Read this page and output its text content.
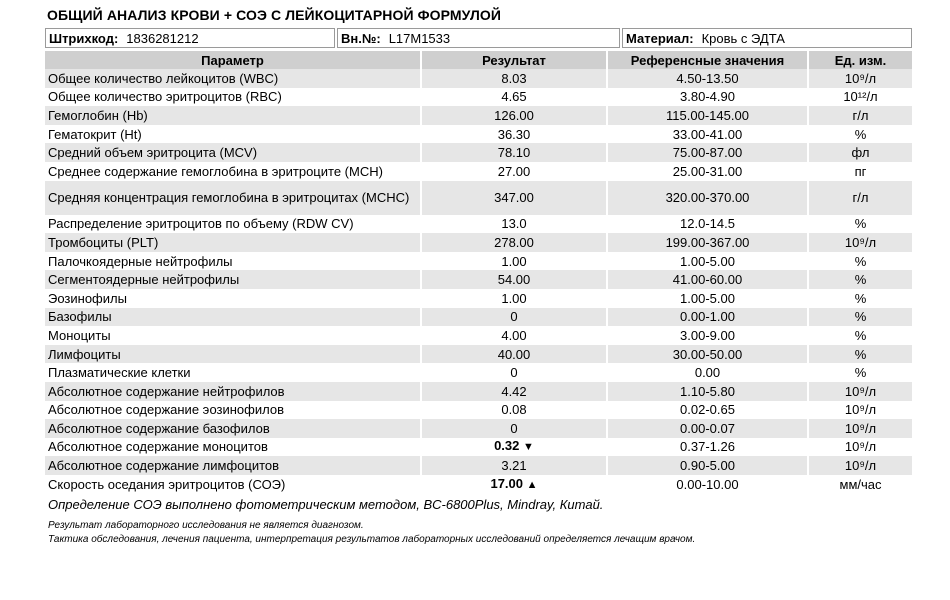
ОБЩИЙ АНАЛИЗ КРОВИ + СОЭ С ЛЕЙКОЦИТАРНОЙ ФОРМУЛОЙ
Штрихкод: 1836281212	Вн.№: L17M1533	Материал: Кровь с ЭДТА
Параметр	Результат	Референсные значения	Ед. изм.
Общее количество лейкоцитов (WBC)	8.03	4.50-13.50	10⁹/л
Общее количество эритроцитов (RBC)	4.65	3.80-4.90	10¹²/л
Гемоглобин (Hb)	126.00	115.00-145.00	г/л
Гематокрит (Ht)	36.30	33.00-41.00	%
Средний объем эритроцита (MCV)	78.10	75.00-87.00	фл
Среднее содержание гемоглобина в эритроците (MCH)	27.00	25.00-31.00	пг
Средняя концентрация гемоглобина в эритроцитах (MCHC)	347.00	320.00-370.00	г/л
Распределение эритроцитов по объему (RDW CV)	13.0	12.0-14.5	%
Тромбоциты (PLT)	278.00	199.00-367.00	10⁹/л
Палочкоядерные нейтрофилы	1.00	1.00-5.00	%
Сегментоядерные нейтрофилы	54.00	41.00-60.00	%
Эозинофилы	1.00	1.00-5.00	%
Базофилы	0	0.00-1.00	%
Моноциты	4.00	3.00-9.00	%
Лимфоциты	40.00	30.00-50.00	%
Плазматические клетки	0	0.00	%
Абсолютное содержание нейтрофилов	4.42	1.10-5.80	10⁹/л
Абсолютное содержание эозинофилов	0.08	0.02-0.65	10⁹/л
Абсолютное содержание базофилов	0	0.00-0.07	10⁹/л
Абсолютное содержание моноцитов	0.32 ▼	0.37-1.26	10⁹/л
Абсолютное содержание лимфоцитов	3.21	0.90-5.00	10⁹/л
Скорость оседания эритроцитов (СОЭ)	17.00 ▲	0.00-10.00	мм/час
Определение СОЭ выполнено фотометрическим методом, BC-6800Plus, Mindray, Китай.
Результат лабораторного исследования не является диагнозом.
Тактика обследования, лечения пациента, интерпретация результатов лабораторных исследований определяется лечащим врачом.
